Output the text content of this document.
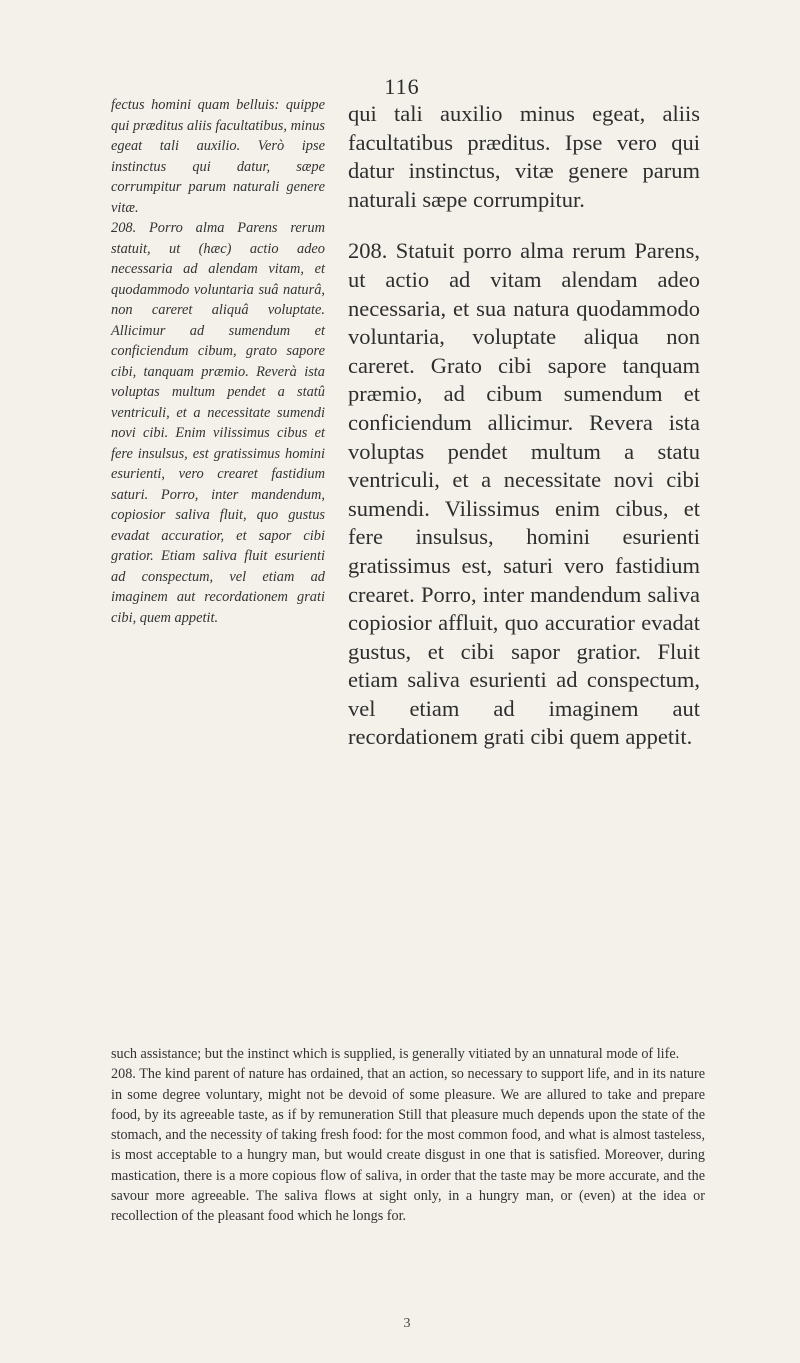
116

fectus homini quam belluis: quippe qui præditus aliis facultatibus, minus egeat tali auxilio. Verò ipse instinctus qui datur, sæpe corrumpitur parum naturali genere vitæ.

208. Porro alma Parens rerum statuit, ut (hæc) actio adeo necessaria ad alendam vitam, et quodammodo voluntaria suâ naturâ, non careret aliquâ voluptate. Allicimur ad sumendum et conficiendum cibum, grato sapore cibi, tanquam præmio. Reverà ista voluptas multum pendet a statû ventriculi, et a necessitate sumendi novi cibi. Enim vilissimus cibus et fere insulsus, est gratissimus homini esurienti, vero crearet fastidium saturi. Porro, inter mandendum, copiosior saliva fluit, quo gustus evadat accuratior, et sapor cibi gratior. Etiam saliva fluit esurienti ad conspectum, vel etiam ad imaginem aut recordationem grati cibi, quem appetit.

qui tali auxilio minus egeat, aliis facultatibus præditus. Ipse vero qui datur instinctus, vitæ genere parum naturali sæpe corrumpitur.

208. Statuit porro alma rerum Parens, ut actio ad vitam alendam adeo necessaria, et sua natura quodammodo voluntaria, voluptate aliqua non careret. Grato cibi sapore tanquam præmio, ad cibum sumendum et conficiendum allicimur. Revera ista voluptas pendet multum a statu ventriculi, et a necessitate novi cibi sumendi. Vilissimus enim cibus, et fere insulsus, homini esurienti gratissimus est, saturi vero fastidium crearet. Porro, inter mandendum saliva copiosior affluit, quo accuratior evadat gustus, et cibi sapor gratior. Fluit etiam saliva esurienti ad conspectum, vel etiam ad imaginem aut recordationem grati cibi quem appetit.

such assistance; but the instinct which is supplied, is generally vitiated by an unnatural mode of life.

208. The kind parent of nature has ordained, that an action, so necessary to support life, and in its nature in some degree voluntary, might not be devoid of some pleasure. We are allured to take and prepare food, by its agreeable taste, as if by remuneration Still that pleasure much depends upon the state of the stomach, and the necessity of taking fresh food: for the most common food, and what is almost tasteless, is most acceptable to a hungry man, but would create disgust in one that is satisfied. Moreover, during mastication, there is a more copious flow of saliva, in order that the taste may be more accurate, and the savour more agreeable. The saliva flows at sight only, in a hungry man, or (even) at the idea or recollection of the pleasant food which he longs for.

3
